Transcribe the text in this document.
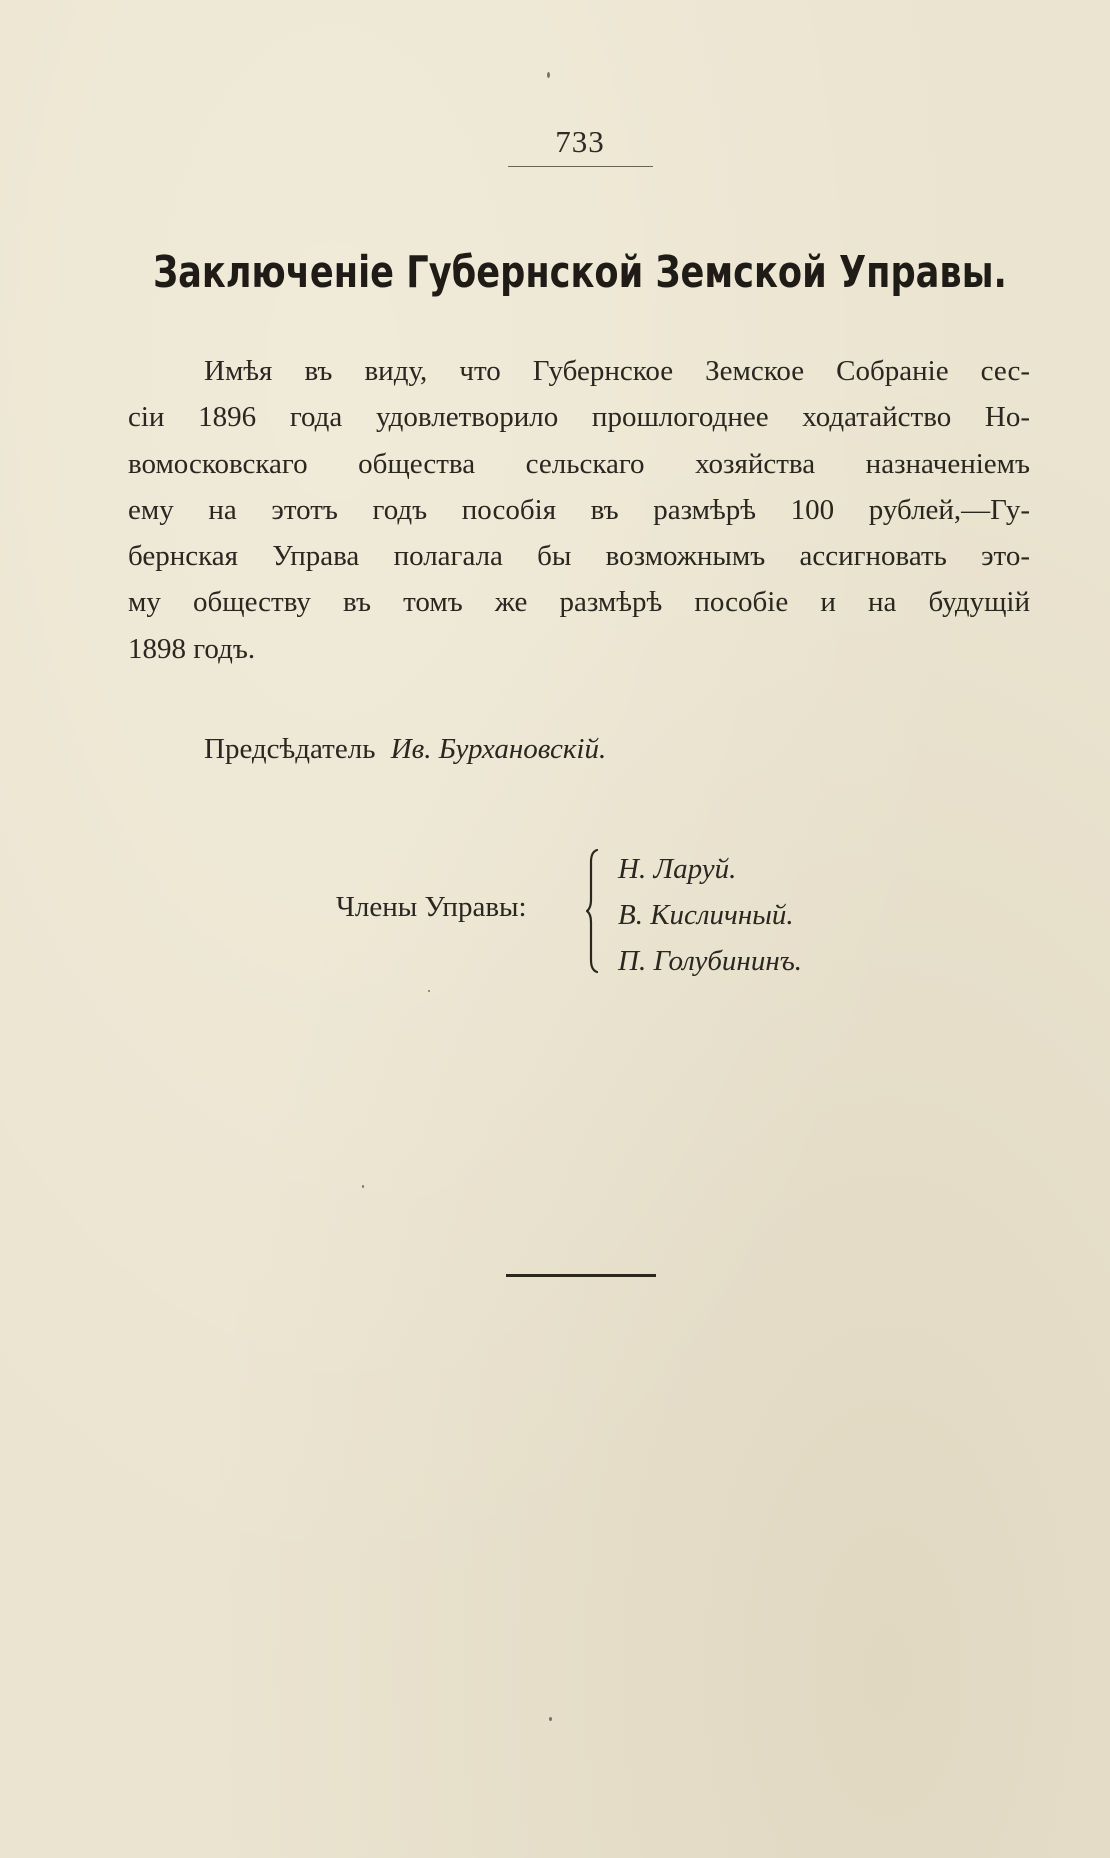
733
Заключеніе Губернской Земской Управы.
Имѣя въ виду, что Губернское Земское Собраніе сес-
сіи 1896 года удовлетворило прошлогоднее ходатайство Но-
вомосковскаго общества сельскаго хозяйства назначеніемъ
ему на этотъ годъ пособія въ размѣрѣ 100 рублей,—Гу-
бернская Управа полагала бы возможнымъ ассигновать это-
му обществу въ томъ же размѣрѣ пособіе и на будущій
1898 годъ.
Предсѣдатель Ив. Бурхановскій.
Члены Управы:
Н. Ларуй.
В. Кисличный.
П. Голубининъ.
